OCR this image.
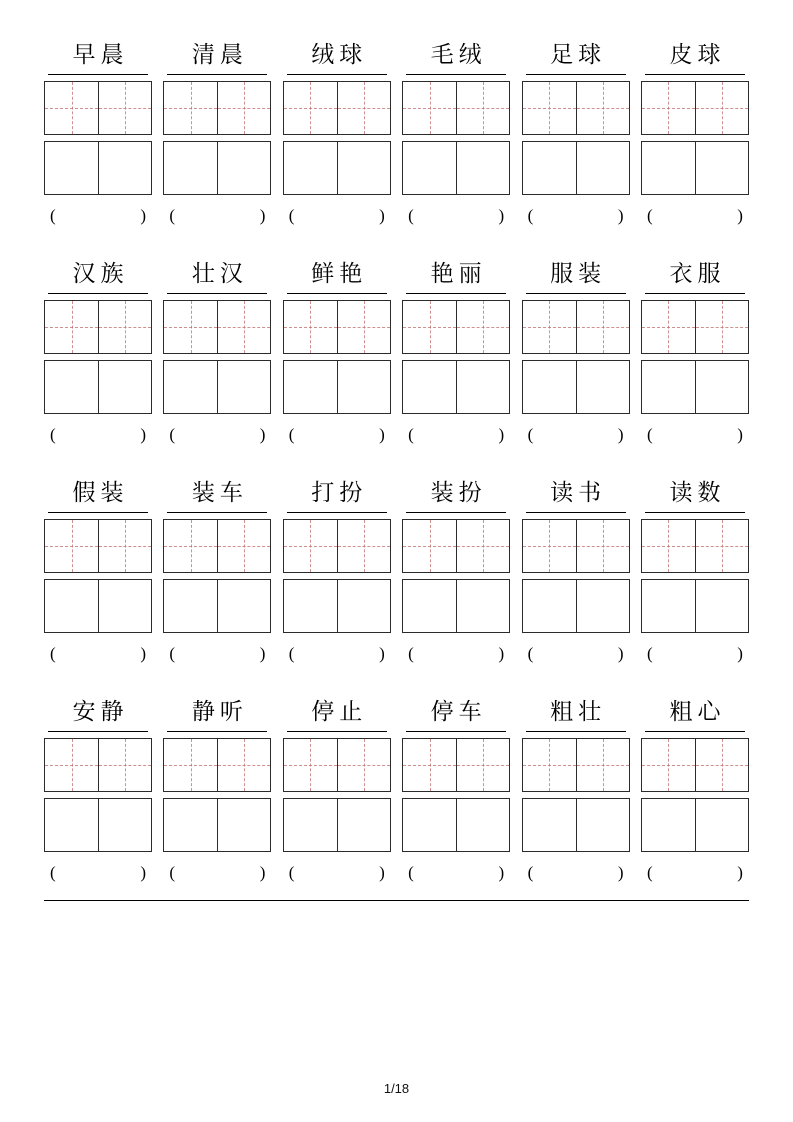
早晨
(	)
清晨
(	)
绒球
(	)
毛绒
(	)
足球
(	)
皮球
(	)
汉族
(	)
壮汉
(	)
鲜艳
(	)
艳丽
(	)
服装
(	)
衣服
(	)
假装
(	)
装车
(	)
打扮
(	)
装扮
(	)
读书
(	)
读数
(	)
安静
(	)
静听
(	)
停止
(	)
停车
(	)
粗壮
(	)
粗心
(	)
1/18
